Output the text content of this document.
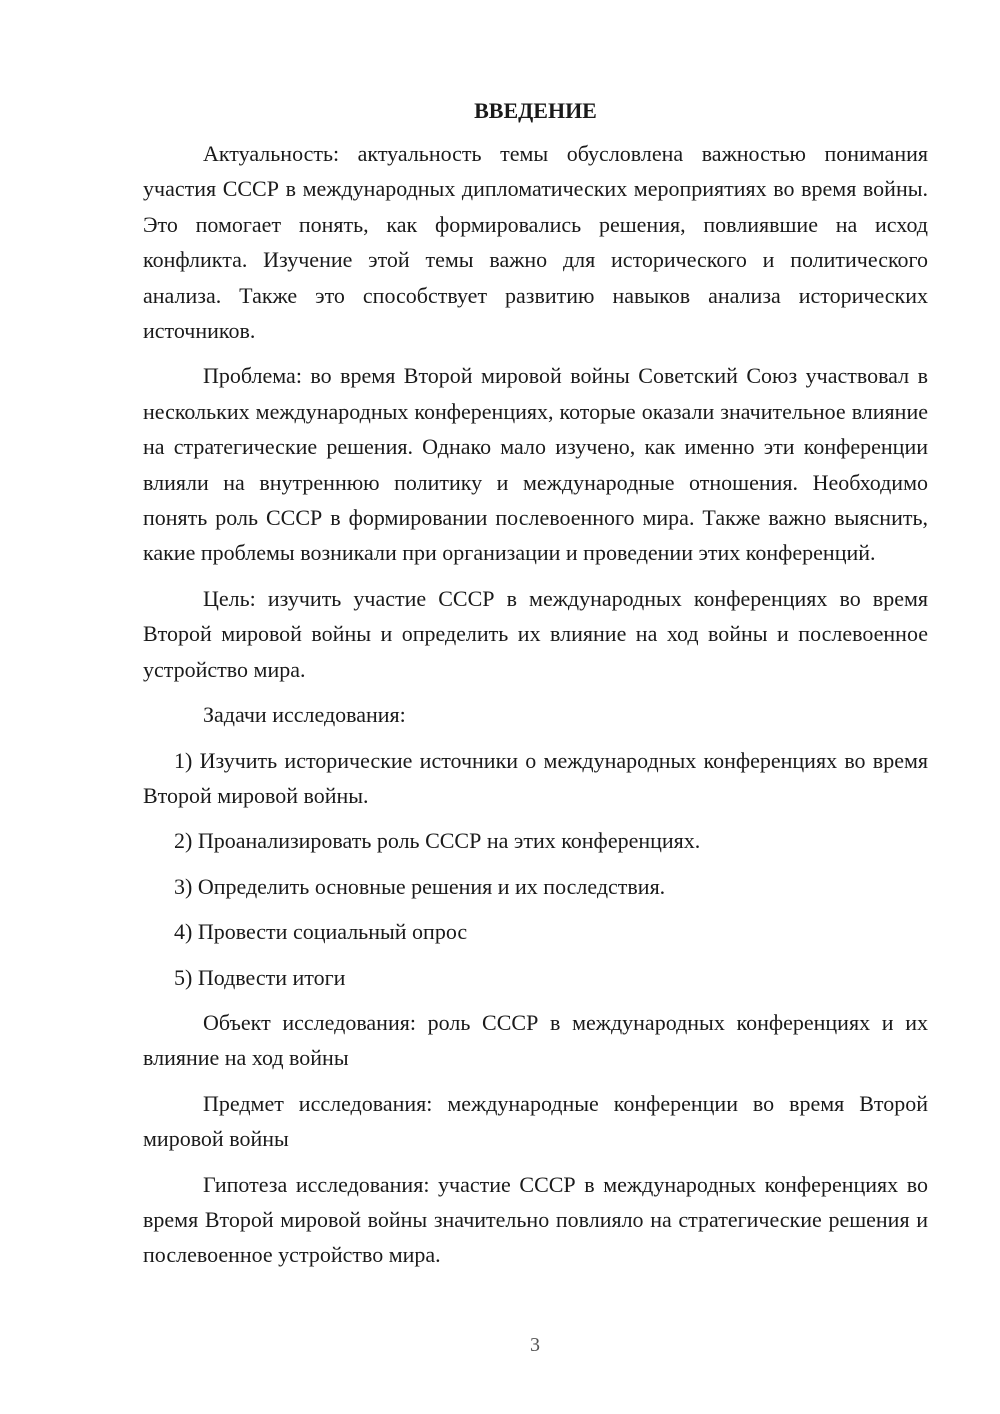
ВВЕДЕНИЕ

Актуальность: актуальность темы обусловлена важностью понимания участия СССР в международных дипломатических мероприятиях во время войны. Это помогает понять, как формировались решения, повлиявшие на исход конфликта. Изучение этой темы важно для исторического и политического анализа. Также это способствует развитию навыков анализа исторических источников.

Проблема: во время Второй мировой войны Советский Союз участвовал в нескольких международных конференциях, которые оказали значительное влияние на стратегические решения. Однако мало изучено, как именно эти конференции влияли на внутреннюю политику и международные отношения. Необходимо понять роль СССР в формировании послевоенного мира. Также важно выяснить, какие проблемы возникали при организации и проведении этих конференций.

Цель: изучить участие СССР в международных конференциях во время Второй мировой войны и определить их влияние на ход войны и послевоенное устройство мира.

Задачи исследования:

1) Изучить исторические источники о международных конференциях во время Второй мировой войны.

2) Проанализировать роль СССР на этих конференциях.

3) Определить основные решения и их последствия.

4) Провести социальный опрос

5) Подвести итоги

Объект исследования: роль СССР в международных конференциях и их влияние на ход войны

Предмет исследования: международные конференции во время Второй мировой войны

Гипотеза исследования: участие СССР в международных конференциях во время Второй мировой войны значительно повлияло на стратегические решения и послевоенное устройство мира.

3
